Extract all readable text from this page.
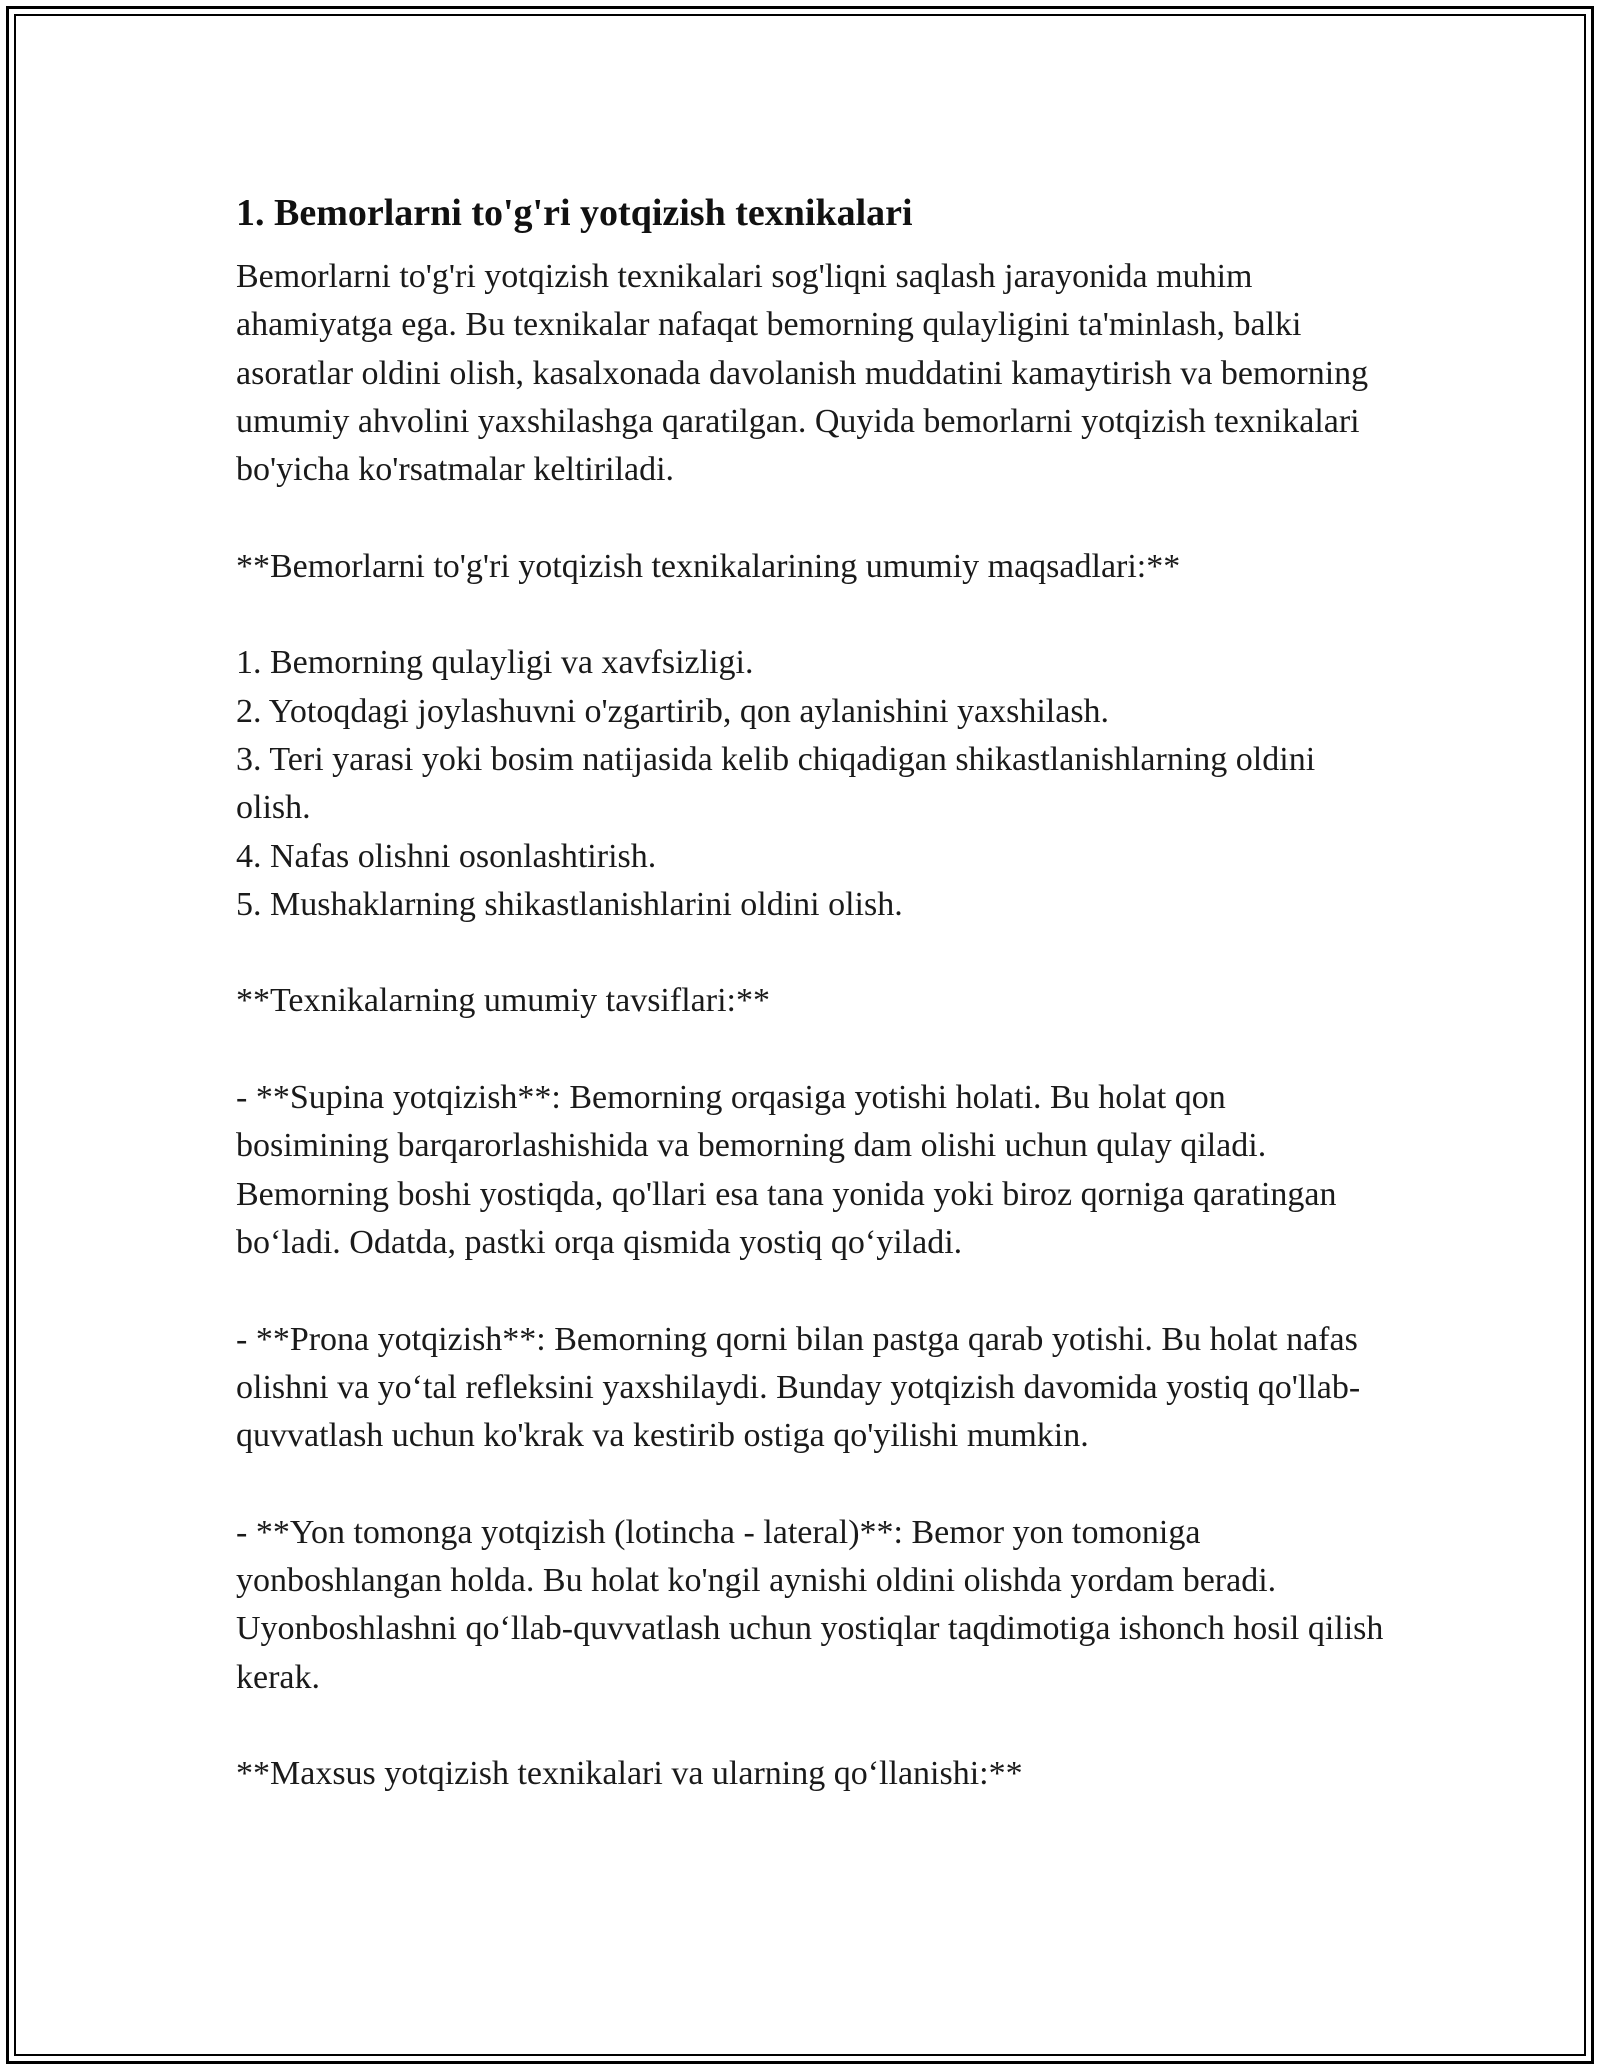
1. Bemorlarni to'g'ri yotqizish texnikalari

Bemorlarni to'g'ri yotqizish texnikalari sog'liqni saqlash jarayonida muhim ahamiyatga ega. Bu texnikalar nafaqat bemorning qulayligini ta'minlash, balki asoratlar oldini olish, kasalxonada davolanish muddatini kamaytirish va bemorning umumiy ahvolini yaxshilashga qaratilgan. Quyida bemorlarni yotqizish texnikalari bo'yicha ko'rsatmalar keltiriladi.

**Bemorlarni to'g'ri yotqizish texnikalarining umumiy maqsadlari:**

1. Bemorning qulayligi va xavfsizligi.

2. Yotoqdagi joylashuvni o'zgartirib, qon aylanishini yaxshilash.

3. Teri yarasi yoki bosim natijasida kelib chiqadigan shikastlanishlarning oldini olish.

4. Nafas olishni osonlashtirish.

5. Mushaklarning shikastlanishlarini oldini olish.

**Texnikalarning umumiy tavsiflari:**

- **Supina yotqizish**: Bemorning orqasiga yotishi holati. Bu holat qon bosimining barqarorlashishida va bemorning dam olishi uchun qulay qiladi. Bemorning boshi yostiqda, qo'llari esa tana yonida yoki biroz qorniga qaratingan bo‘ladi. Odatda, pastki orqa qismida yostiq qo‘yiladi.

- **Prona yotqizish**: Bemorning qorni bilan pastga qarab yotishi. Bu holat nafas olishni va yo‘tal refleksini yaxshilaydi. Bunday yotqizish davomida yostiq qo'llab-quvvatlash uchun ko'krak va kestirib ostiga qo'yilishi mumkin.

- **Yon tomonga yotqizish (lotincha - lateral)**: Bemor yon tomoniga yonboshlangan holda. Bu holat ko'ngil aynishi oldini olishda yordam beradi. Uyonboshlashni qo‘llab-quvvatlash uchun yostiqlar taqdimotiga ishonch hosil qilish kerak.

**Maxsus yotqizish texnikalari va ularning qo‘llanishi:**
